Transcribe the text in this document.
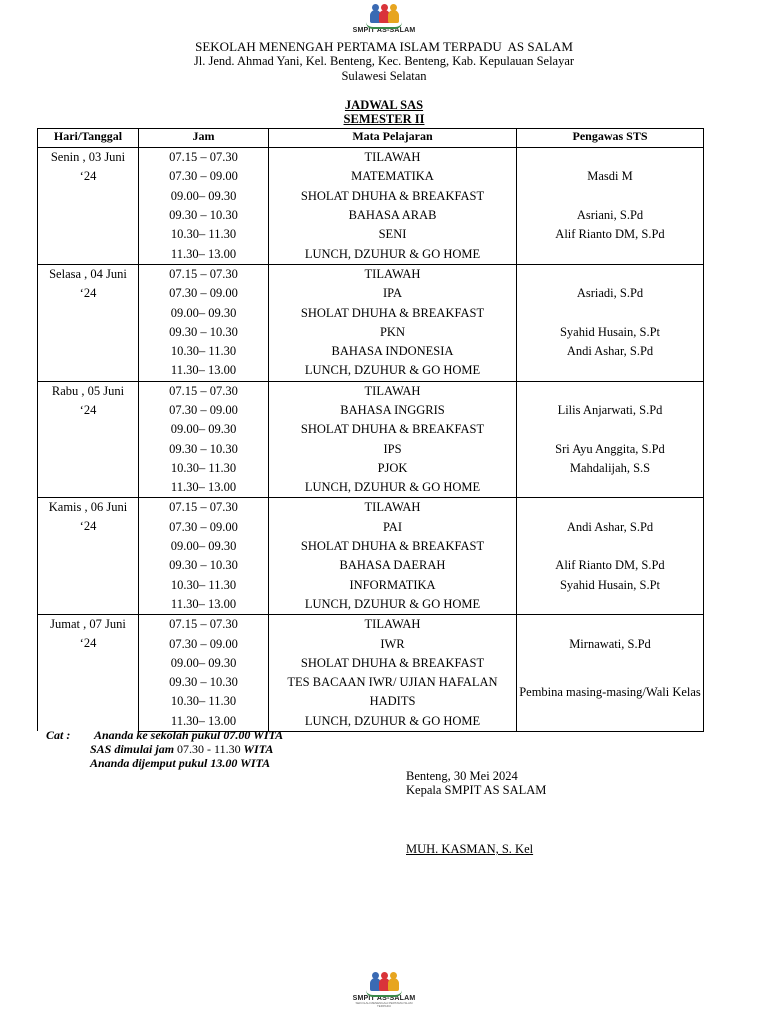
SMPIT AS-SALAM
SEKOLAH MENENGAH PERTAMA ISLAM TERPADU  AS SALAM
Jl. Jend. Ahmad Yani, Kel. Benteng, Kec. Benteng, Kab. Kepulauan Selayar
Sulawesi Selatan
JADWAL SAS
SEMESTER II
Hari/Tanggal	Jam	Mata Pelajaran	Pengawas STS

Senin , 03 Juni
‘24	07.15 – 07.30	TILAWAH	
	07.30 – 09.00	MATEMATIKA	Masdi M
	09.00– 09.30	SHOLAT DHUHA & BREAKFAST	
	09.30 – 10.30	BAHASA ARAB	Asriani, S.Pd
	10.30– 11.30	SENI	Alif Rianto DM, S.Pd
	11.30– 13.00	LUNCH, DZUHUR & GO HOME	

Selasa , 04 Juni
‘24	07.15 – 07.30	TILAWAH	
	07.30 – 09.00	IPA	Asriadi, S.Pd
	09.00– 09.30	SHOLAT DHUHA & BREAKFAST	
	09.30 – 10.30	PKN	Syahid Husain, S.Pt
	10.30– 11.30	BAHASA INDONESIA	Andi Ashar, S.Pd
	11.30– 13.00	LUNCH, DZUHUR & GO HOME	

Rabu , 05 Juni
‘24	07.15 – 07.30	TILAWAH	
	07.30 – 09.00	BAHASA INGGRIS	Lilis Anjarwati, S.Pd
	09.00– 09.30	SHOLAT DHUHA & BREAKFAST	
	09.30 – 10.30	IPS	Sri Ayu Anggita, S.Pd
	10.30– 11.30	PJOK	Mahdalijah, S.S
	11.30– 13.00	LUNCH, DZUHUR & GO HOME	

Kamis , 06 Juni
‘24	07.15 – 07.30	TILAWAH	
	07.30 – 09.00	PAI	Andi Ashar, S.Pd
	09.00– 09.30	SHOLAT DHUHA & BREAKFAST	
	09.30 – 10.30	BAHASA DAERAH	Alif Rianto DM, S.Pd
	10.30– 11.30	INFORMATIKA	Syahid Husain, S.Pt
	11.30– 13.00	LUNCH, DZUHUR & GO HOME	

Jumat , 07 Juni
‘24	07.15 – 07.30	TILAWAH	
	07.30 – 09.00	IWR	Mirnawati, S.Pd
	09.00– 09.30	SHOLAT DHUHA & BREAKFAST	
	09.30 – 10.30	TES BACAAN IWR/ UJIAN HAFALAN	Pembina masing-masing/Wali Kelas
	10.30– 11.30	HADITS	
	11.30– 13.00	LUNCH, DZUHUR & GO HOME	
Cat : Ananda ke sekolah pukul 07.00 WITA
SAS dimulai jam 07.30 - 11.30 WITA
Ananda dijemput pukul 13.00 WITA
Benteng, 30 Mei 2024
Kepala SMPIT AS SALAM
MUH. KASMAN, S. Kel
SMPIT AS-SALAM
SEKOLAH MENENGAH PERTAMA ISLAM TERPADU
